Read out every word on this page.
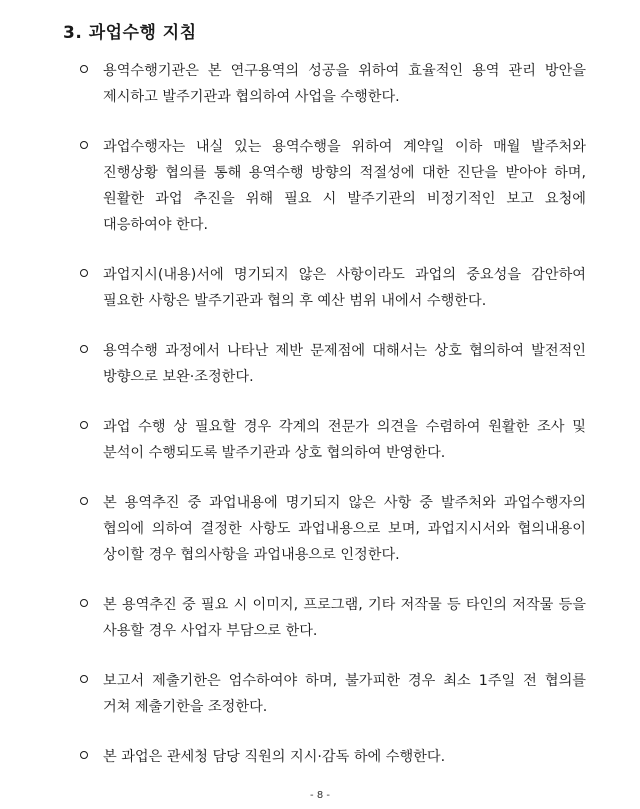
3. 과업수행 지침
용역수행기관은 본 연구용역의 성공을 위하여 효율적인 용역 관리 방안을 제시하고 발주기관과 협의하여 사업을 수행한다.
과업수행자는 내실 있는 용역수행을 위하여 계약일 이하 매월 발주처와 진행상황 협의를 통해 용역수행 방향의 적절성에 대한 진단을 받아야 하며, 원활한 과업 추진을 위해 필요 시 발주기관의 비정기적인 보고 요청에 대응하여야 한다.
과업지시(내용)서에 명기되지 않은 사항이라도 과업의 중요성을 감안하여 필요한 사항은 발주기관과 협의 후 예산 범위 내에서 수행한다.
용역수행 과정에서 나타난 제반 문제점에 대해서는 상호 협의하여 발전적인 방향으로 보완·조정한다.
과업 수행 상 필요할 경우 각계의 전문가 의견을 수렴하여 원활한 조사 및 분석이 수행되도록 발주기관과 상호 협의하여 반영한다.
본 용역추진 중 과업내용에 명기되지 않은 사항 중 발주처와 과업수행자의 협의에 의하여 결정한 사항도 과업내용으로 보며, 과업지시서와 협의내용이 상이할 경우 협의사항을 과업내용으로 인정한다.
본 용역추진 중 필요 시 이미지, 프로그램, 기타 저작물 등 타인의 저작물 등을 사용할 경우 사업자 부담으로 한다.
보고서 제출기한은 엄수하여야 하며, 불가피한 경우 최소 1주일 전 협의를 거쳐 제출기한을 조정한다.
본 과업은 관세청 담당 직원의 지시·감독 하에 수행한다.
- 8 -
